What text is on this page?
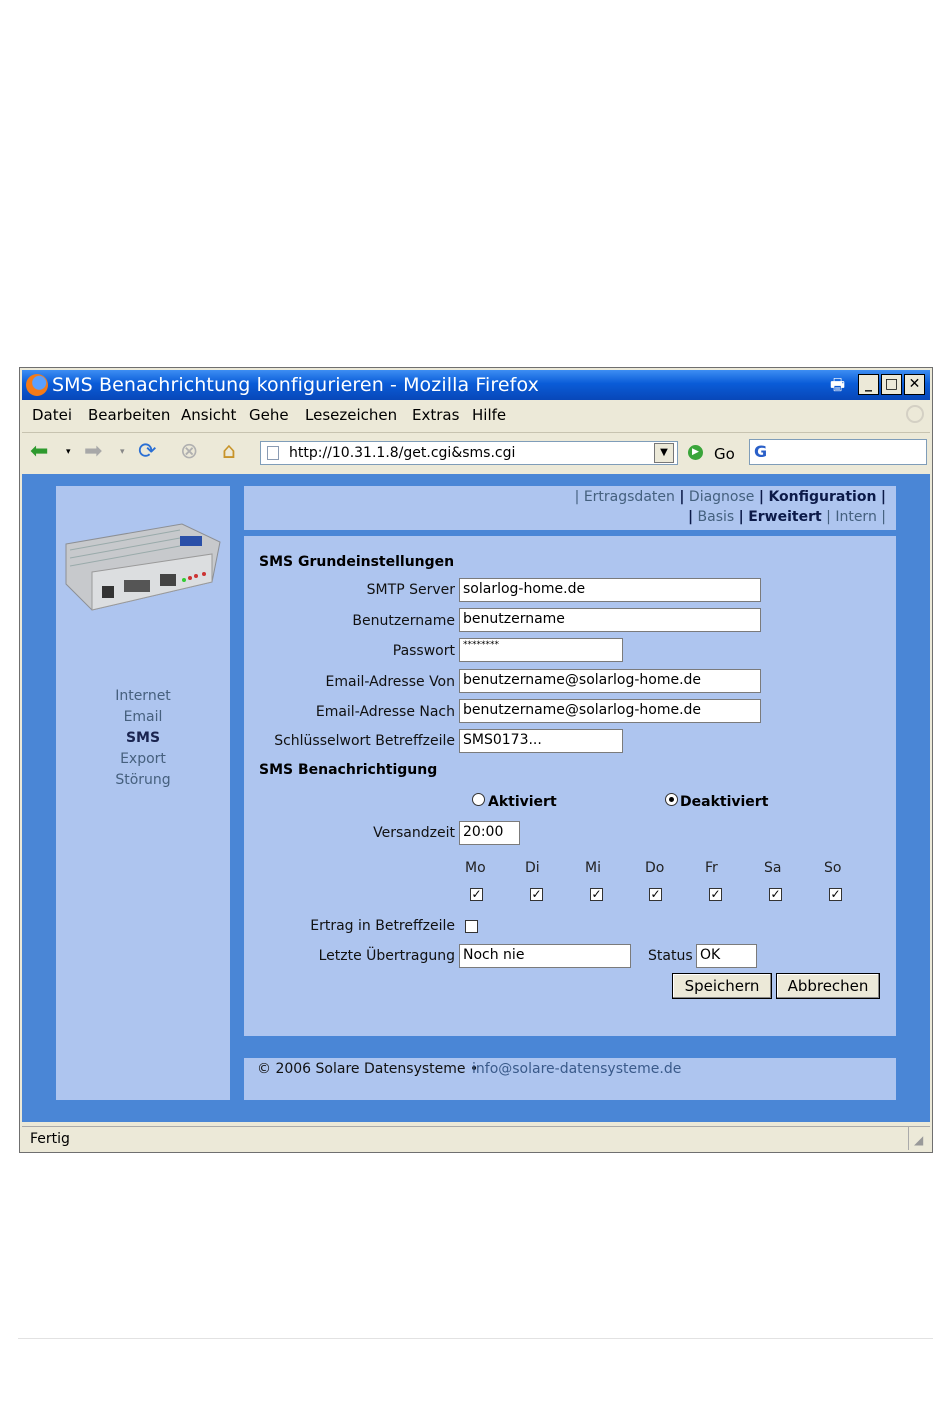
SMS Benachrichtung konfigurieren - Mozilla Firefox	🖶	_ □ ✕
Datei Bearbeiten Ansicht Gehe Lesezeichen Extras Hilfe
⬅ ▾ ➡ ▾ ⟳ ⊗ ⌂	http://10.31.1.8/get.cgi&sms.cgi	▼	▶ Go G
Internet
Email
SMS
Export
Störung
| Ertragsdaten | Diagnose | Konfiguration |
| Basis | Erweitert | Intern |
SMS Grundeinstellungen
SMTP Server solarlog-home.de
Benutzername benutzername
Passwort ********
Email-Adresse Von benutzername@solarlog-home.de
Email-Adresse Nach benutzername@solarlog-home.de
Schlüsselwort Betreffzeile SMS0173...
SMS Benachrichtigung
Aktiviert	Deaktiviert
Versandzeit 20:00
Mo	Di	Mi	Do	Fr	Sa	So
✓	✓	✓	✓	✓	✓	✓
Ertrag in Betreffzeile
Letzte Übertragung Noch nie	Status OK
Speichern	Abbrechen
© 2006 Solare Datensysteme •
info@solare-datensysteme.de
Fertig	◢
